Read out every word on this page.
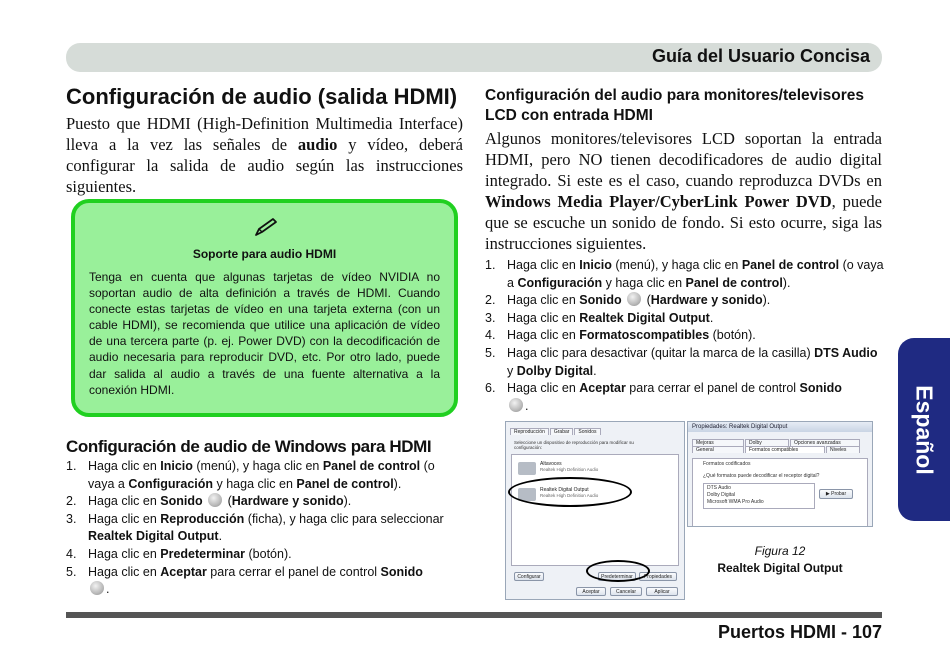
Guía del Usuario Concisa
Español
Configuración de audio (salida HDMI)

Puesto que HDMI (High-Definition Multimedia Interface) lleva a la vez las señales de audio y vídeo, deberá configurar la salida de audio según las instrucciones siguientes.

Soporte para audio HDMI
Tenga en cuenta que algunas tarjetas de vídeo NVIDIA no soportan audio de alta definición a través de HDMI. Cuando conecte estas tarjetas de vídeo en una tarjeta externa (con un cable HDMI), se recomienda que utilice una aplicación de vídeo de una tercera parte (p. ej. Power DVD) con la decodificación de audio necesaria para reproducir DVD, etc. Por otro lado, puede dar salida al audio a través de una fuente alternativa a la conexión HDMI.
Configuración de audio de Windows para HDMI
1. Haga clic en Inicio (menú), y haga clic en Panel de control (o vaya a Configuración y haga clic en Panel de control).
2. Haga clic en Sonido  (Hardware y sonido).
3. Haga clic en Reproducción (ficha), y haga clic para seleccionar Realtek Digital Output.
4. Haga clic en Predeterminar (botón).
5. Haga clic en Aceptar para cerrar el panel de control Sonido
.
Configuración del audio para monitores/televisores LCD con entrada HDMI

Algunos monitores/televisores LCD soportan la entrada HDMI, pero NO tienen decodificadores de audio digital integrado. Si este es el caso, cuando reproduzca DVDs en Windows Media Player/CyberLink Power DVD, puede que se escuche un sonido de fondo. Si esto ocurre, siga las instrucciones siguientes.

1. Haga clic en Inicio (menú), y haga clic en Panel de control (o vaya a Configuración y haga clic en Panel de control).
2. Haga clic en Sonido  (Hardware y sonido).
3. Haga clic en Realtek Digital Output.
4. Haga clic en Formatoscompatibles (botón).
5. Haga clic para desactivar (quitar la marca de la casilla) DTS Audio y Dolby Digital.
6. Haga clic en Aceptar para cerrar el panel de control Sonido
.
Reproducción	Grabar	Sonidos
Seleccione un dispositivo de reproducción para modificar su configuración:
Altavoces
Realtek High Definition Audio
Realtek Digital Output
Realtek High Definition Audio
Configurar	Predeterminar	Propiedades
Aceptar	Cancelar	Aplicar
Propiedades: Realtek Digital Output
Mejoras	Dolby	Opciones avanzadas
General	Formatos compatibles	Niveles
Formatos codificados
¿Qué formatos puede decodificar el receptor digital?
DTS Audio
Dolby Digital
Microsoft WMA Pro Audio
▶ Probar
Figura 12
Realtek Digital Output
Puertos HDMI - 107
